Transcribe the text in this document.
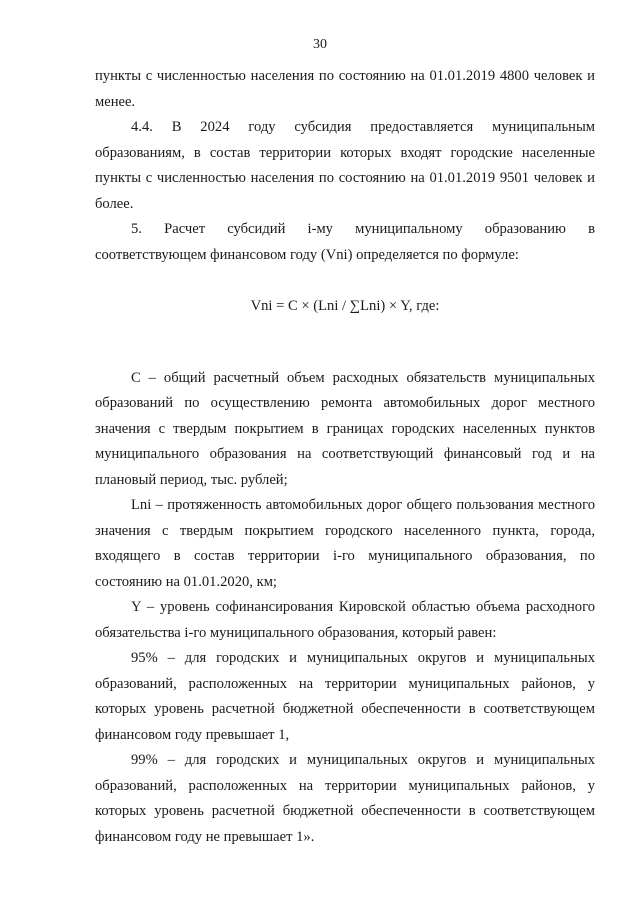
30

пункты с численностью населения по состоянию на 01.01.2019 4800 человек и менее.

4.4. В 2024 году субсидия предоставляется муниципальным образованиям, в состав территории которых входят городские населенные пункты с численностью населения по состоянию на 01.01.2019 9501 человек и более.

5. Расчет субсидий i-му муниципальному образованию в соответствующем финансовом году (Vni) определяется по формуле:

Vni = C × (Lni / ∑Lni) × Y, где:

C – общий расчетный объем расходных обязательств муниципальных образований по осуществлению ремонта автомобильных дорог местного значения с твердым покрытием в границах городских населенных пунктов муниципального образования на соответствующий финансовый год и на плановый период, тыс. рублей;

Lni – протяженность автомобильных дорог общего пользования местного значения с твердым покрытием городского населенного пункта, города, входящего в состав территории i-го муниципального образования, по состоянию на 01.01.2020, км;

Y – уровень софинансирования Кировской областью объема расходного обязательства i-го муниципального образования, который равен:

95% – для городских и муниципальных округов и муниципальных образований, расположенных на территории муниципальных районов, у которых уровень расчетной бюджетной обеспеченности в соответствующем финансовом году превышает 1,

99% – для городских и муниципальных округов и муниципальных образований, расположенных на территории муниципальных районов, у которых уровень расчетной бюджетной обеспеченности в соответствующем финансовом году не превышает 1».
